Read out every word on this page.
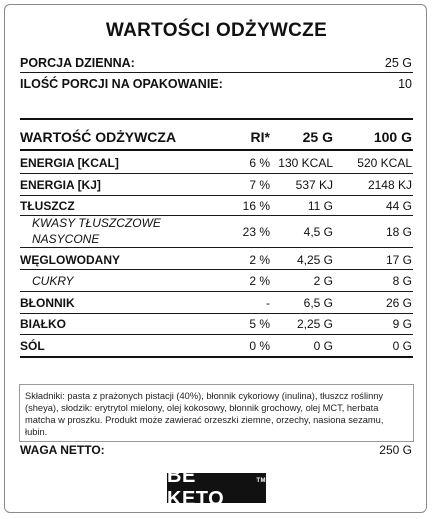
WARTOŚCI ODŻYWCZE
PORCJA DZIENNA:	25 G
ILOŚĆ PORCJI NA OPAKOWANIE:	10
WARTOŚĆ ODŻYWCZA	RI* 25 G	100 G
ENERGIA [KCAL]	6 % 130 KCAL 520 KCAL
ENERGIA [KJ]	7 % 537 KJ	2148 KJ
TŁUSZCZ	16 %	11 G	44 G
KWASY TŁUSZCZOWE
NASYCONE	23 %	4,5 G	18 G
WĘGLOWODANY	2 % 4,25 G	17 G
CUKRY	2 %	2 G	8 G
BŁONNIK	-	6,5 G	26 G
BIAŁKO	5 % 2,25 G	9 G
SÓL	0 %	0 G	0 G
Składniki: pasta z prażonych pistacji (40%), błonnik cykoriowy (inulina), tłuszcz roślinny (sheya), słodzik: erytrytol mielony, olej kokosowy, błonnik grochowy, olej MCT, herbata matcha w proszku. Produkt może zawierać orzeszki ziemne, orzechy, nasiona sezamu, łubin.
WAGA NETTO:	250 G
BE KETO
TM
